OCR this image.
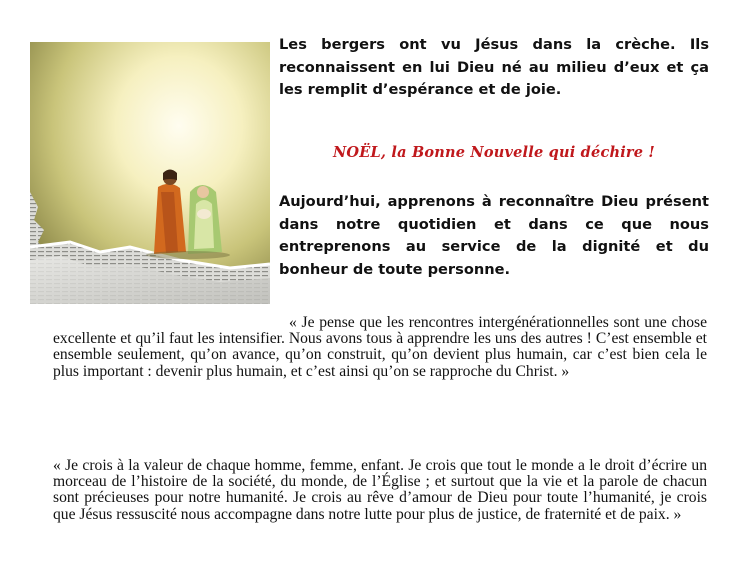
Les bergers ont vu Jésus dans la crèche. Ils reconnaissent en lui Dieu né au milieu d’eux et ça les remplit d’espérance et de joie.

NOËL, la Bonne Nouvelle qui déchire !

Aujourd’hui, apprenons à reconnaître Dieu présent dans notre quotidien et dans ce que nous entreprenons au service de la dignité et du bonheur de toute personne.

« Je pense que les rencontres intergénérationnelles sont une chose excellente et qu’il faut les intensifier. Nous avons tous à apprendre les uns des autres ! C’est ensemble et ensemble seulement, qu’on avance, qu’on construit, qu’on devient plus humain, car c’est bien cela le plus important : devenir plus humain, et c’est ainsi qu’on se rapproche du Christ. »

« Je crois à la valeur de chaque homme, femme, enfant. Je crois que tout le monde a le droit d’écrire un morceau de l’histoire de la société, du monde, de l’Église ; et surtout que la vie et la parole de chacun sont précieuses pour notre humanité. Je crois au rêve d’amour de Dieu pour toute l’humanité, je crois que Jésus ressuscité nous accompagne dans notre lutte pour plus de justice, de fraternité et de paix. »
